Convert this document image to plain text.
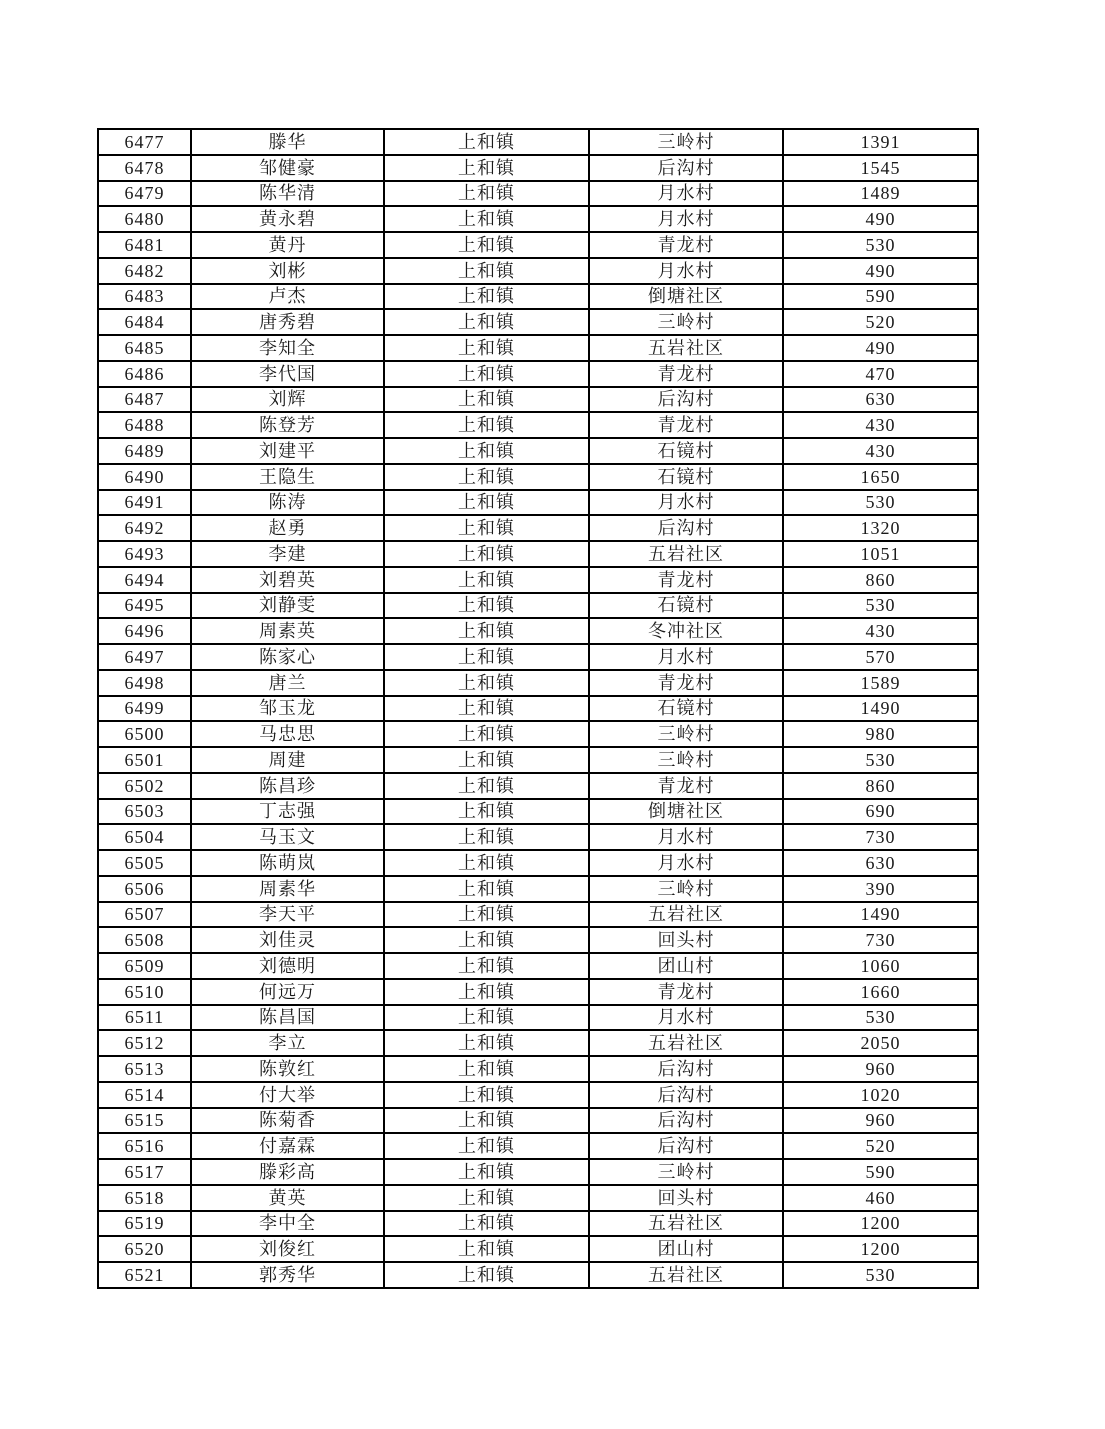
6477	滕华	上和镇	三岭村	1391
6478	邹健豪	上和镇	后沟村	1545
6479	陈华清	上和镇	月水村	1489
6480	黄永碧	上和镇	月水村	490
6481	黄丹	上和镇	青龙村	530
6482	刘彬	上和镇	月水村	490
6483	卢杰	上和镇	倒塘社区	590
6484	唐秀碧	上和镇	三岭村	520
6485	李知全	上和镇	五岩社区	490
6486	李代国	上和镇	青龙村	470
6487	刘辉	上和镇	后沟村	630
6488	陈登芳	上和镇	青龙村	430
6489	刘建平	上和镇	石镜村	430
6490	王隐生	上和镇	石镜村	1650
6491	陈涛	上和镇	月水村	530
6492	赵勇	上和镇	后沟村	1320
6493	李建	上和镇	五岩社区	1051
6494	刘碧英	上和镇	青龙村	860
6495	刘静雯	上和镇	石镜村	530
6496	周素英	上和镇	冬冲社区	430
6497	陈家心	上和镇	月水村	570
6498	唐兰	上和镇	青龙村	1589
6499	邹玉龙	上和镇	石镜村	1490
6500	马忠思	上和镇	三岭村	980
6501	周建	上和镇	三岭村	530
6502	陈昌珍	上和镇	青龙村	860
6503	丁志强	上和镇	倒塘社区	690
6504	马玉文	上和镇	月水村	730
6505	陈萌岚	上和镇	月水村	630
6506	周素华	上和镇	三岭村	390
6507	李天平	上和镇	五岩社区	1490
6508	刘佳灵	上和镇	回头村	730
6509	刘德明	上和镇	团山村	1060
6510	何远万	上和镇	青龙村	1660
6511	陈昌国	上和镇	月水村	530
6512	李立	上和镇	五岩社区	2050
6513	陈敦红	上和镇	后沟村	960
6514	付大举	上和镇	后沟村	1020
6515	陈菊香	上和镇	后沟村	960
6516	付嘉霖	上和镇	后沟村	520
6517	滕彩高	上和镇	三岭村	590
6518	黄英	上和镇	回头村	460
6519	李中全	上和镇	五岩社区	1200
6520	刘俊红	上和镇	团山村	1200
6521	郭秀华	上和镇	五岩社区	530
